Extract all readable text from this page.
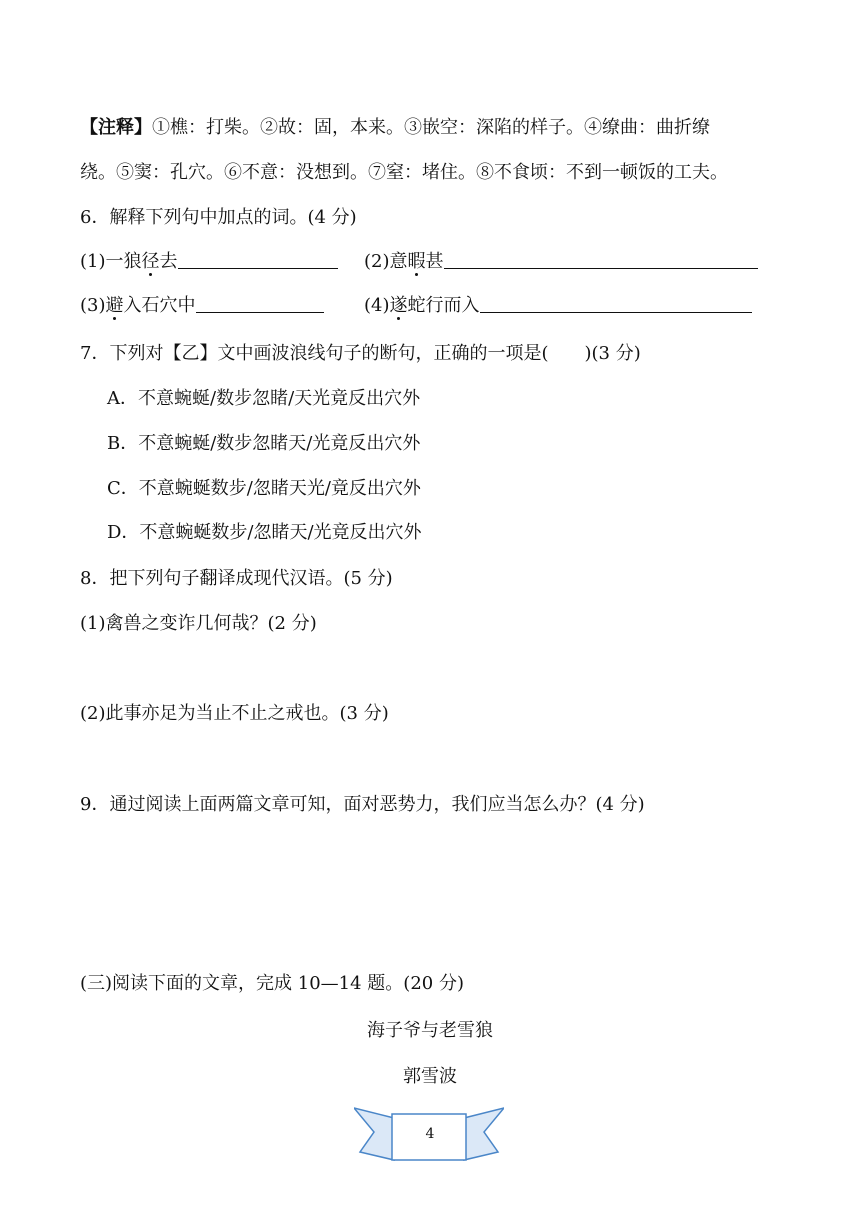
【注释】①樵：打柴。②故：固，本来。③嵌空：深陷的样子。④缭曲：曲折缭
绕。⑤窦：孔穴。⑥不意：没想到。⑦窒：堵住。⑧不食顷：不到一顿饭的工夫。
6．解释下列句中加点的词。(4 分)
(1)一狼径去	(2)意暇甚
(3)避入石穴中	(4)遂蛇行而入
7．下列对【乙】文中画波浪线句子的断句，正确的一项是(　　)(3 分)
A．不意蜿蜒/数步忽睹/天光竟反出穴外
B．不意蜿蜒/数步忽睹天/光竟反出穴外
C．不意蜿蜒数步/忽睹天光/竟反出穴外
D．不意蜿蜒数步/忽睹天/光竟反出穴外
8．把下列句子翻译成现代汉语。(5 分)
(1)禽兽之变诈几何哉？(2 分)
(2)此事亦足为当止不止之戒也。(3 分)
9．通过阅读上面两篇文章可知，面对恶势力，我们应当怎么办？(4 分)
(三)阅读下面的文章，完成 10—14 题。(20 分)
海子爷与老雪狼
郭雪波
4
